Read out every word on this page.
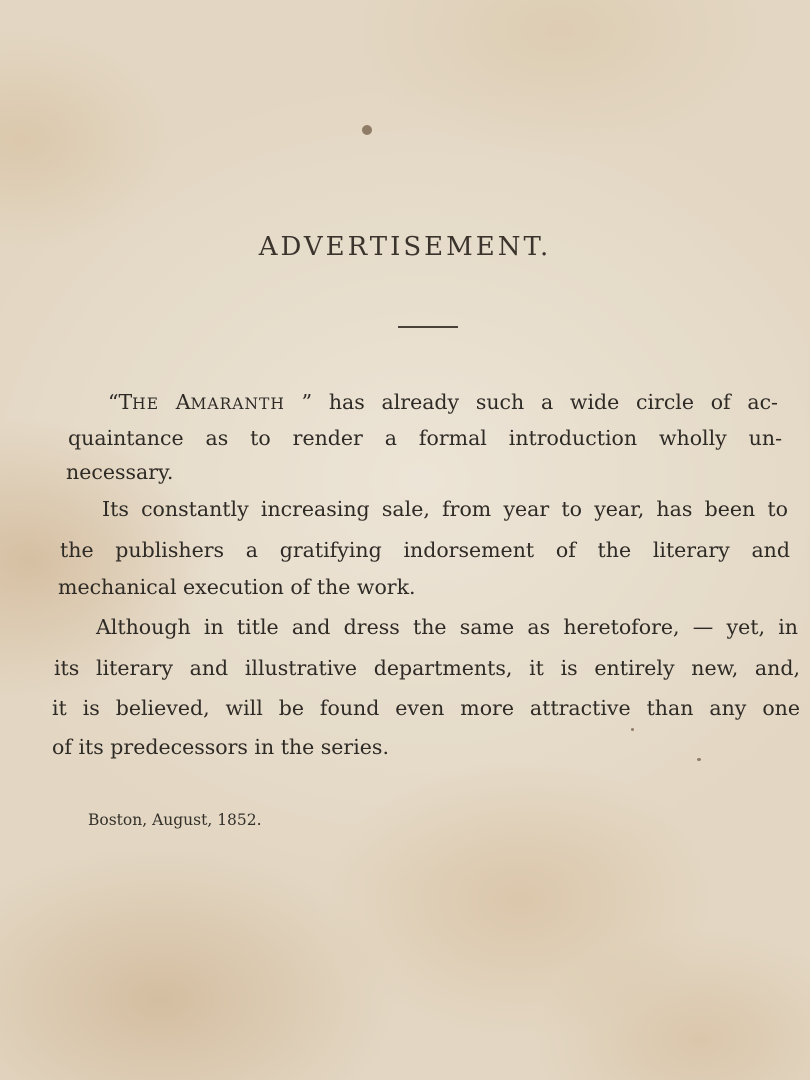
ADVERTISEMENT.
“THE AMARANTH ” has already such a wide circle of ac-
quaintance as to render a formal introduction wholly un-
necessary.
Its constantly increasing sale, from year to year, has been to
the publishers a gratifying indorsement of the literary and
mechanical execution of the work.
Although in title and dress the same as heretofore, — yet, in
its literary and illustrative departments, it is entirely new, and,
it is believed, will be found even more attractive than any one
of its predecessors in the series.
Boston, August, 1852.
